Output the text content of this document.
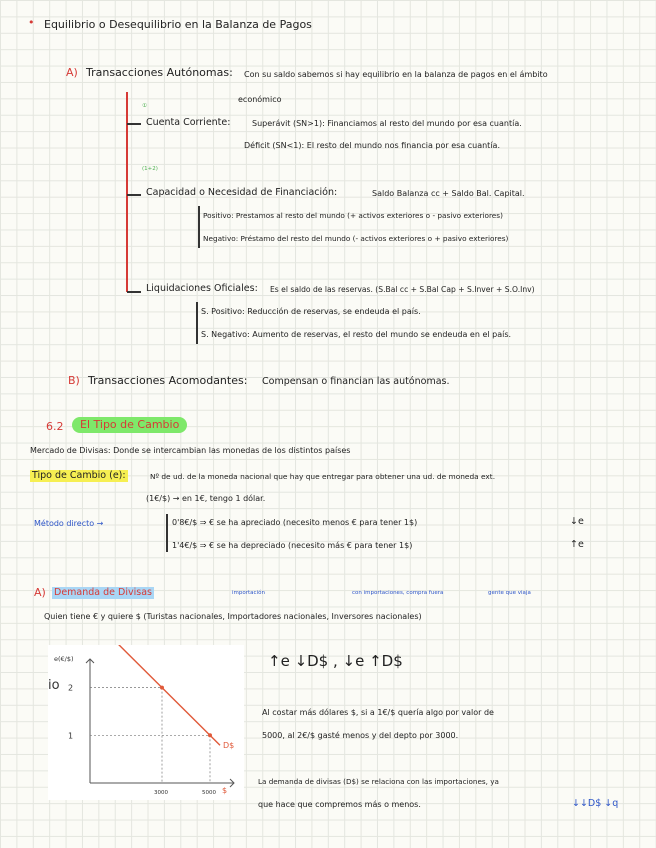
• Equilibrio o Desequilibrio en la Balanza de Pagos
A) Transacciones Autónomas: Con su saldo sabemos si hay equilibrio en la balanza de pagos en el ámbito
económico
①
Cuenta Corriente:	Superávit (SN>1): Financiamos al resto del mundo por esa cuantía.
Déficit (SN<1): El resto del mundo nos financia por esa cuantía.
(1+2)
Capacidad o Necesidad de Financiación:	Saldo Balanza cc + Saldo Bal. Capital.
Positivo: Prestamos al resto del mundo (+ activos exteriores o - pasivo exteriores)
Negativo: Préstamo del resto del mundo (- activos exteriores o + pasivo exteriores)
Liquidaciones Oficiales: Es el saldo de las reservas. (S.Bal cc + S.Bal Cap + S.Inver + S.O.Inv)
S. Positivo: Reducción de reservas, se endeuda el país.
S. Negativo: Aumento de reservas, el resto del mundo se endeuda en el país.
B) Transacciones Acomodantes: Compensan o financian las autónomas.
6.2	El Tipo de Cambio
Mercado de Divisas: Donde se intercambian las monedas de los distintos países
Tipo de Cambio (e):	Nº de ud. de la moneda nacional que hay que entregar para obtener una ud. de moneda ext.
(1€/$) → en 1€, tengo 1 dólar.
Método directo →	0'8€/$ ⇒ € se ha apreciado (necesito menos € para tener 1$)	↓e
1'4€/$ ⇒ € se ha depreciado (necesito más € para tener 1$)	↑e
A) Demanda de Divisas	importación	con importaciones, compra fuera	gente que viaja
Quien tiene € y quiere $ (Turistas nacionales, Importadores nacionales, Inversores nacionales)
e(€/$)
2
1
3000	5000
D$
$
io
↑e ↓D$ , ↓e ↑D$
Al costar más dólares $, si a 1€/$ quería algo por valor de
5000, al 2€/$ gasté menos y del depto por 3000.
La demanda de divisas (D$) se relaciona con las importaciones, ya
que hace que compremos más o menos.	↓↓D$ ↓q
